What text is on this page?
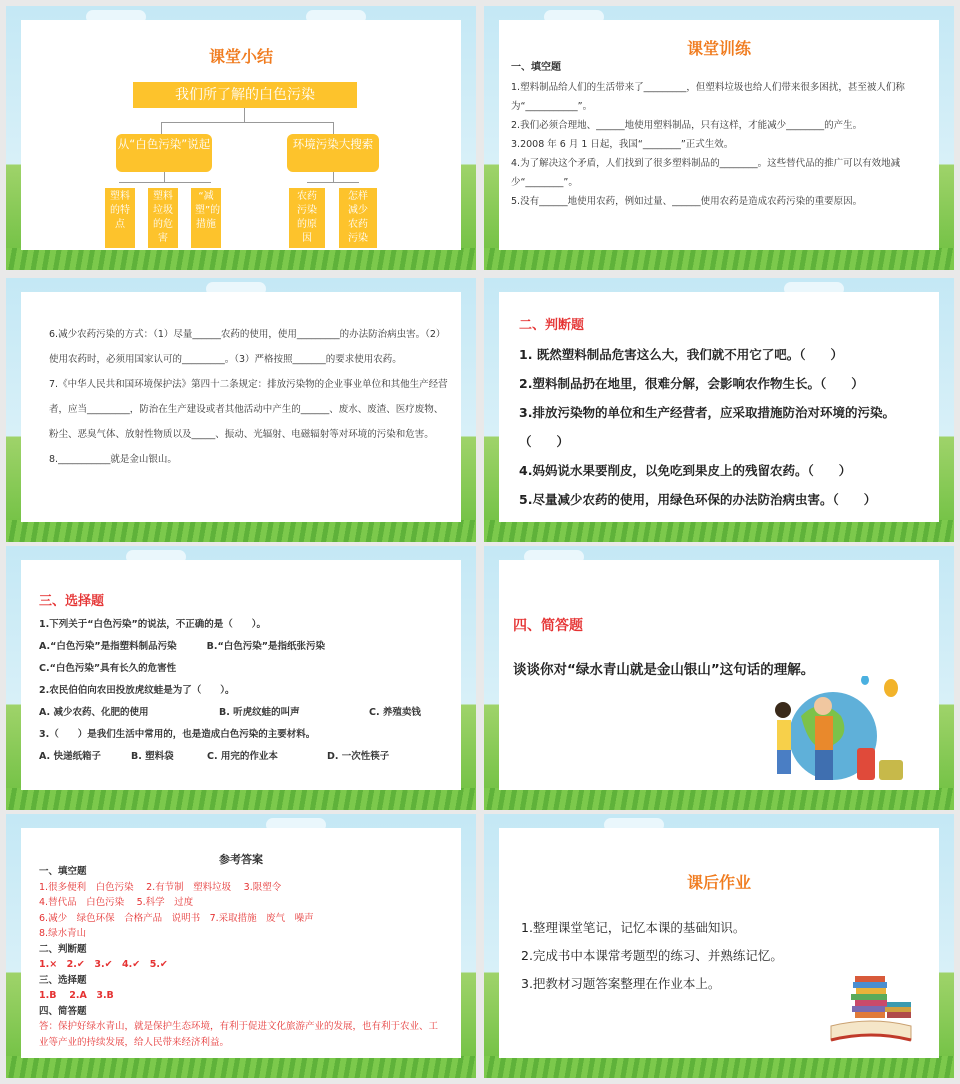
课堂小结
我们所了解的白色污染
从“白色污染”说起	环境污染大搜索
塑料的特点
塑料垃圾的危害
“减塑”的措施
农药污染的原因
怎样减少农药污染
课堂训练
一、填空题
1.塑料制品给人们的生活带来了_________，但塑料垃圾也给人们带来很多困扰，甚至被人们称为“___________”。
2.我们必须合理地、______地使用塑料制品，只有这样，才能减少________的产生。
3.2008 年 6 月 1 日起，我国“________”正式生效。
4.为了解决这个矛盾，人们找到了很多塑料制品的________。这些替代品的推广可以有效地减少“________”。
5.没有______地使用农药，例如过量、______使用农药是造成农药污染的重要原因。
6.减少农药污染的方式：（1）尽量______农药的使用，使用_________的办法防治病虫害。（2）使用农药时，必须用国家认可的_________。（3）严格按照_______的要求使用农药。
7.《中华人民共和国环境保护法》第四十二条规定：排放污染物的企业事业单位和其他生产经营者，应当_________，防治在生产建设或者其他活动中产生的______、废水、废渣、医疗废物、粉尘、恶臭气体、放射性物质以及_____、振动、光辐射、电磁辐射等对环境的污染和危害。
8.___________就是金山银山。
二、判断题
1. 既然塑料制品危害这么大，我们就不用它了吧。（　　）
2.塑料制品扔在地里，很难分解，会影响农作物生长。（　　）
3.排放污染物的单位和生产经营者，应采取措施防治对环境的污染。（　　）
4.妈妈说水果要削皮，以免吃到果皮上的残留农药。（　　）
5.尽量减少农药的使用，用绿色环保的办法防治病虫害。（　　）
三、选择题
1.下列关于“白色污染”的说法，不正确的是（　　）。
A.“白色污染”是指塑料制品污染	B.“白色污染”是指纸张污染
C.“白色污染”具有长久的危害性
2.农民伯伯向农田投放虎纹蛙是为了（　　）。
A. 减少农药、化肥的使用	B. 听虎纹蛙的叫声	C. 养殖卖钱
3.（　　）是我们生活中常用的，也是造成白色污染的主要材料。
A. 快递纸箱子	B. 塑料袋	C. 用完的作业本	D. 一次性筷子
四、简答题
谈谈你对“绿水青山就是金山银山”这句话的理解。
参考答案
一、填空题
1.很多便利　白色污染　 2.有节制　塑料垃圾　 3.限塑令
4.替代品　白色污染　 5.科学　过度
6.减少　绿色环保　合格产品　说明书　7.采取措施　废气　噪声
8.绿水青山
二、判断题
1.×　2.✔　3.✔　4.✔　5.✔
三、选择题
1.B　 2.A　3.B
四、简答题
答：保护好绿水青山，就是保护生态环境，有利于促进文化旅游产业的发展，也有利于农业、工业等产业的持续发展，给人民带来经济利益。
课后作业
1.整理课堂笔记，记忆本课的基础知识。
2.完成书中本课常考题型的练习、并熟练记忆。
3.把教材习题答案整理在作业本上。
